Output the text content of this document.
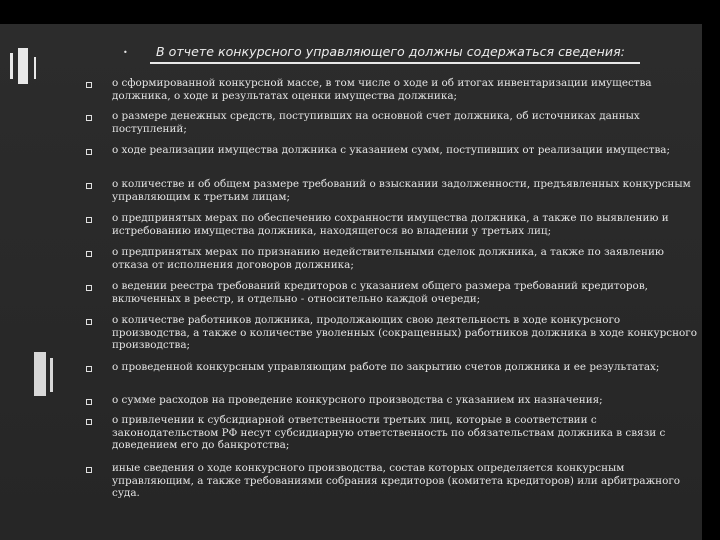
• В отчете конкурсного управляющего должны содержаться сведения:
о сформированной конкурсной массе, в том числе о ходе и об итогах инвентаризации имущества должника, о ходе и результатах оценки имущества должника;
о размере денежных средств, поступивших на основной счет должника, об источниках данных поступлений;
о ходе реализации имущества должника с указанием сумм, поступивших от реализации имущества;
о количестве и об общем размере требований о взыскании задолженности, предъявленных конкурсным управляющим к третьим лицам;
о предпринятых мерах по обеспечению сохранности имущества должника, а также по выявлению и истребованию имущества должника, находящегося во владении у третьих лиц;
о предпринятых мерах по признанию недействительными сделок должника, а также по заявлению отказа от исполнения договоров должника;
о ведении реестра требований кредиторов с указанием общего размера требований кредиторов, включенных в реестр, и отдельно - относительно каждой очереди;
о количестве работников должника, продолжающих свою деятельность в ходе конкурсного производства, а также о количестве уволенных (сокращенных) работников должника в ходе конкурсного производства;
о проведенной конкурсным управляющим работе по закрытию счетов должника и ее результатах;
о сумме расходов на проведение конкурсного производства с указанием их назначения;
о привлечении к субсидиарной ответственности третьих лиц, которые в соответствии с законодательством РФ несут субсидиарную ответственность по обязательствам должника в связи с доведением его до банкротства;
иные сведения о ходе конкурсного производства, состав которых определяется конкурсным управляющим, а также требованиями собрания кредиторов (комитета кредиторов) или арбитражного суда.
